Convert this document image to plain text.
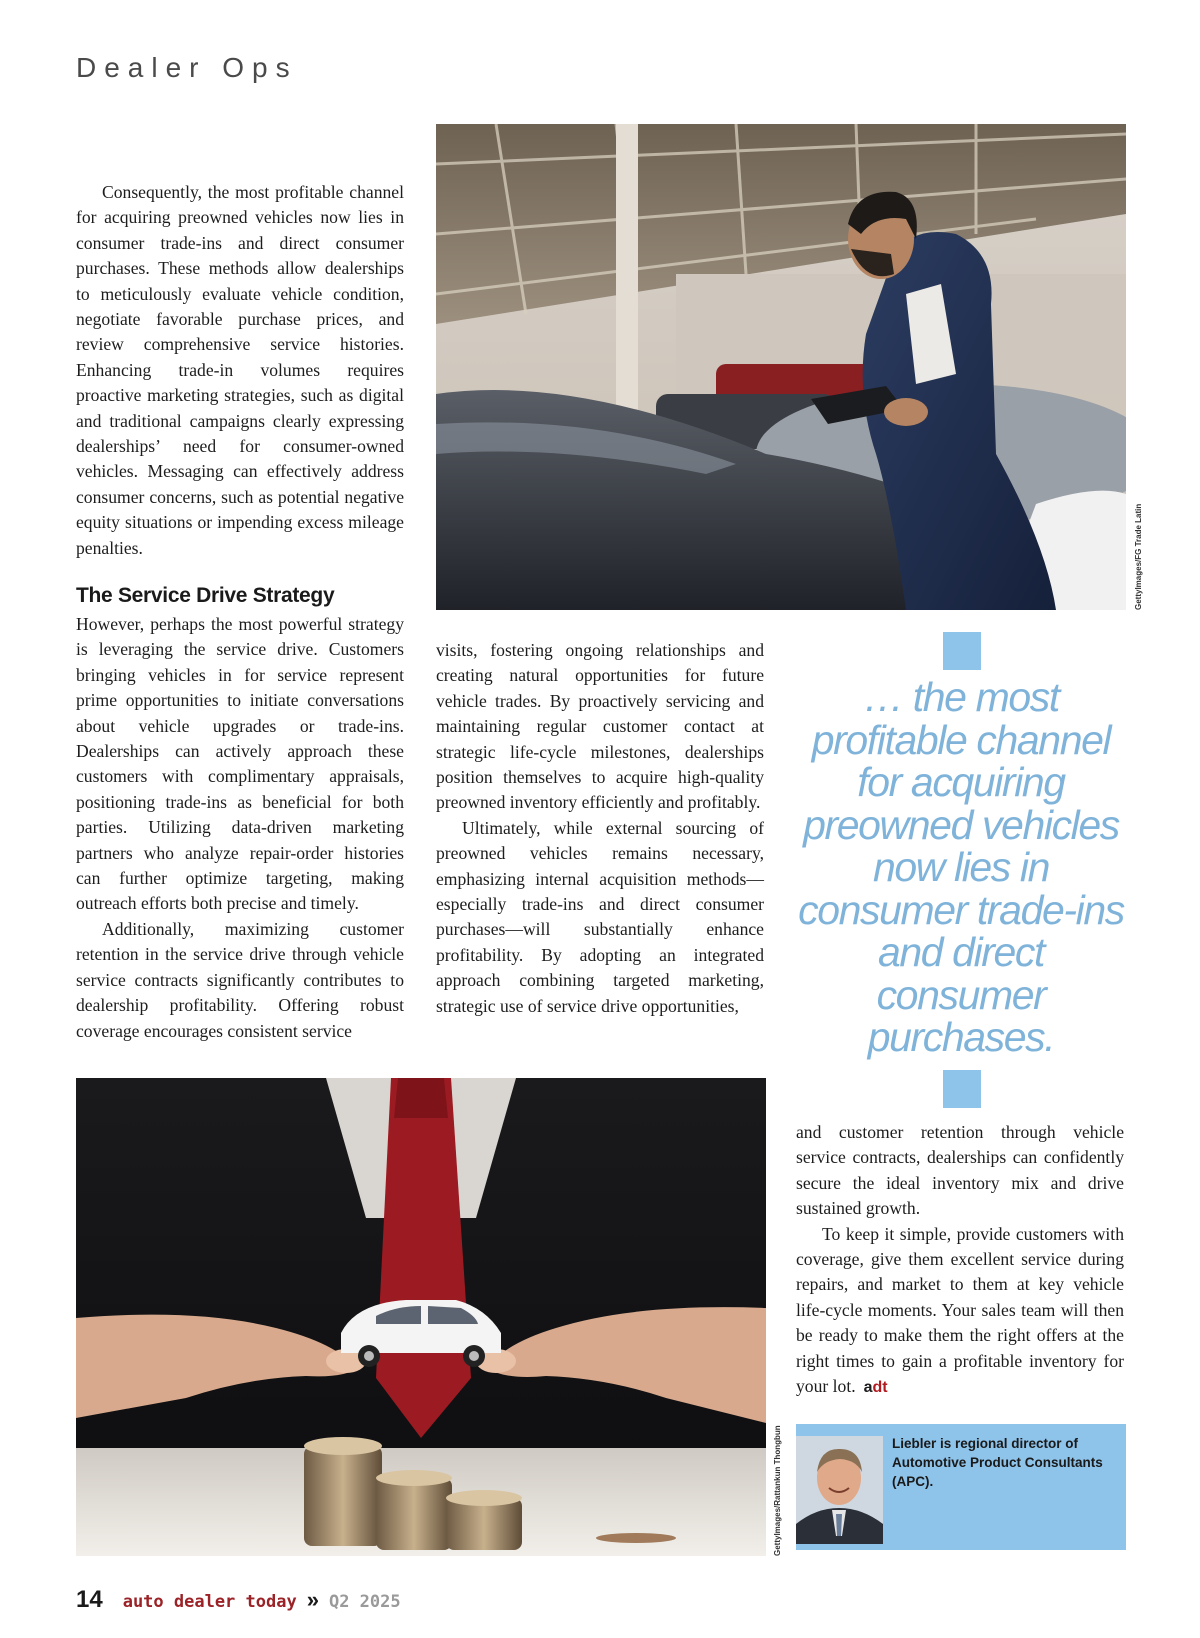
Dealer Ops
GettyImages/FG Trade Latin

Consequently, the most profitable channel for acquiring preowned vehicles now lies in consumer trade-ins and direct consumer purchases. These methods allow dealerships to meticulously evaluate vehicle condition, negotiate favorable purchase prices, and review comprehensive service histories. Enhancing trade-in volumes requires proactive marketing strategies, such as digital and traditional campaigns clearly expressing dealerships’ need for consumer-owned vehicles. Messaging can effectively address consumer concerns, such as potential negative equity situations or impending excess mileage penalties.

The Service Drive Strategy

However, perhaps the most powerful strategy is leveraging the service drive. Customers bringing vehicles in for service represent prime opportunities to initiate conversations about vehicle upgrades or trade-ins. Dealerships can actively approach these customers with complimentary appraisals, positioning trade-ins as beneficial for both parties. Utilizing data-driven marketing partners who analyze repair-order histories can further optimize targeting, making outreach efforts both precise and timely.

Additionally, maximizing customer retention in the service drive through vehicle service contracts significantly contributes to dealership profitability. Offering robust coverage encourages consistent service

visits, fostering ongoing relationships and creating natural opportunities for future vehicle trades. By proactively servicing and maintaining regular customer contact at strategic life-cycle milestones, dealerships position themselves to acquire high-quality preowned inventory efficiently and profitably.

Ultimately, while external sourcing of preowned vehicles remains necessary, emphasizing internal acquisition methods—especially trade-ins and direct consumer purchases—will substantially enhance profitability. By adopting an integrated approach combining targeted marketing, strategic use of service drive opportunities,

… the most profitable channel for acquiring preowned vehicles now lies in consumer trade-ins and direct consumer purchases.
GettyImages/Rattankun Thongbun

and customer retention through vehicle service contracts, dealerships can confidently secure the ideal inventory mix and drive sustained growth.

To keep it simple, provide customers with coverage, give them excellent service during repairs, and market to them at key vehicle life-cycle moments. Your sales team will then be ready to make them the right offers at the right times to gain a profitable inventory for your lot. adt

Liebler is regional director of Automotive Product Consultants (APC).
14 auto dealer today » Q2 2025
